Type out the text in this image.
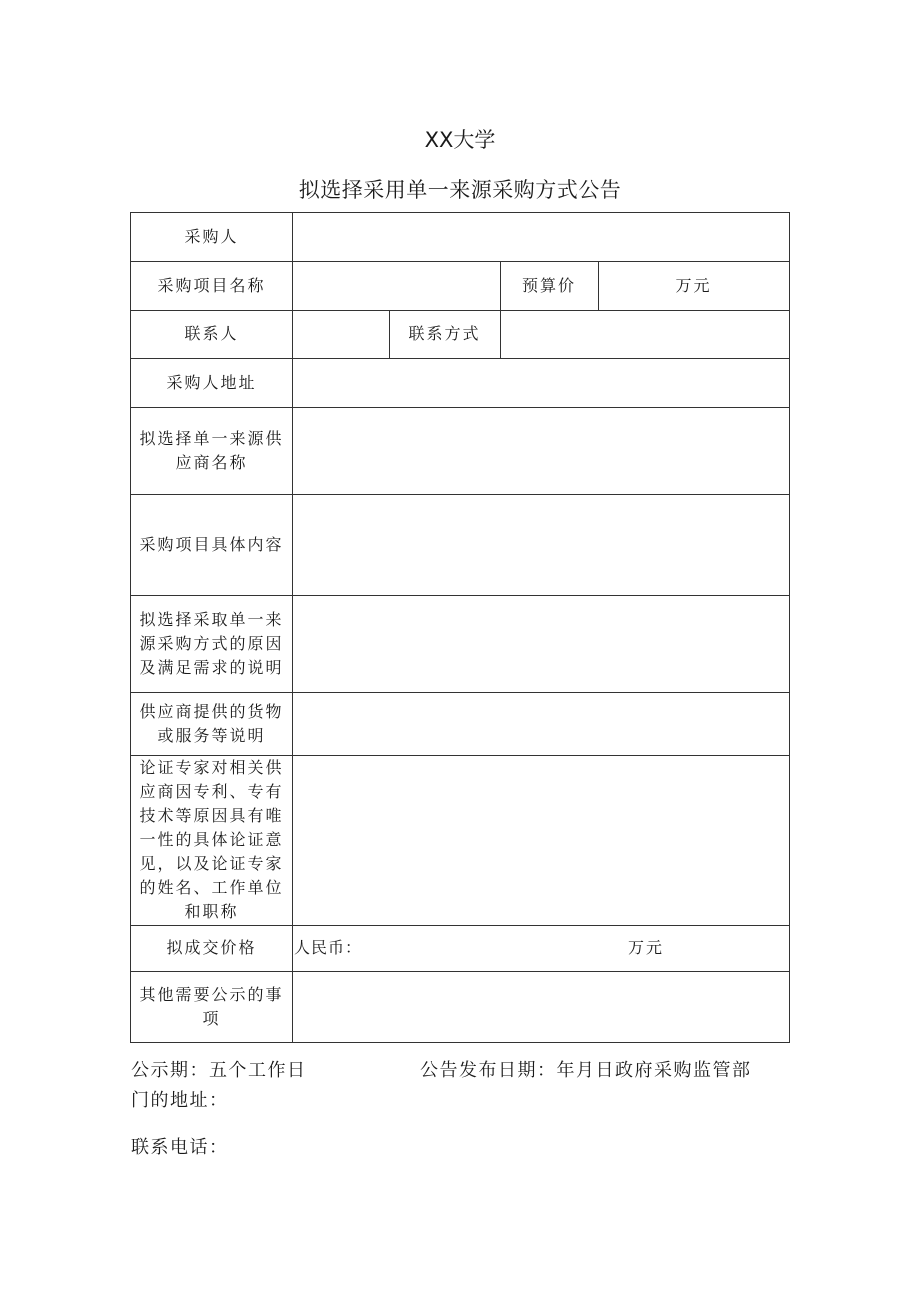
XX大学
拟选择采用单一来源采购方式公告
采购人
采购项目名称	预算价	万元
联系人	联系方式
采购人地址
拟选择单一来源供应商名称
采购项目具体内容
拟选择采取单一来源采购方式的原因及满足需求的说明
供应商提供的货物或服务等说明
论证专家对相关供应商因专利、专有技术等原因具有唯一性的具体论证意见，以及论证专家的姓名、工作单位和职称
拟成交价格	人民币：	万元
其他需要公示的事项
公示期：五个工作日	公告发布日期：年月日政府采购监管部
门的地址：
联系电话：
